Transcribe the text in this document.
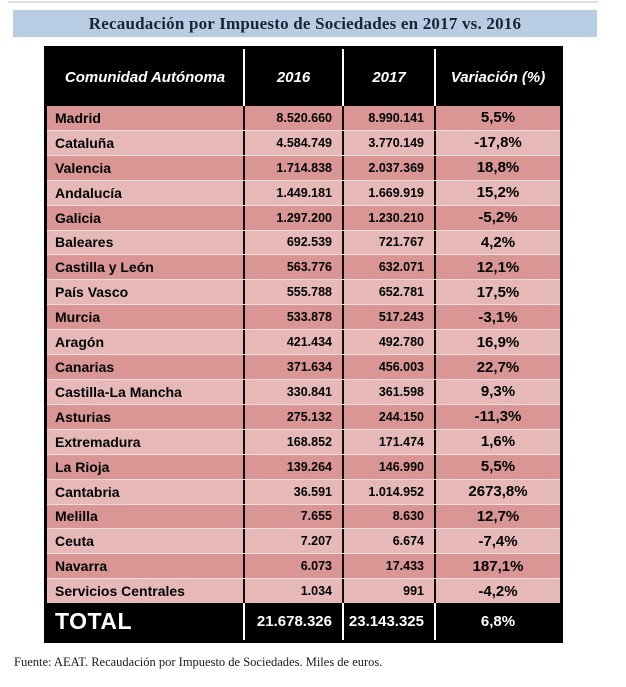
Recaudación por Impuesto de Sociedades en 2017 vs. 2016
Comunidad Autónoma	2016	2017	Variación (%)
Madrid	8.520.660	8.990.141	5,5%
Cataluña	4.584.749	3.770.149	-17,8%
Valencia	1.714.838	2.037.369	18,8%
Andalucía	1.449.181	1.669.919	15,2%
Galicia	1.297.200	1.230.210	-5,2%
Baleares	692.539	721.767	4,2%
Castilla y León	563.776	632.071	12,1%
País Vasco	555.788	652.781	17,5%
Murcia	533.878	517.243	-3,1%
Aragón	421.434	492.780	16,9%
Canarias	371.634	456.003	22,7%
Castilla-La Mancha	330.841	361.598	9,3%
Asturias	275.132	244.150	-11,3%
Extremadura	168.852	171.474	1,6%
La Rioja	139.264	146.990	5,5%
Cantabria	36.591	1.014.952	2673,8%
Melilla	7.655	8.630	12,7%
Ceuta	7.207	6.674	-7,4%
Navarra	6.073	17.433	187,1%
Servicios Centrales	1.034	991	-4,2%
TOTAL	21.678.326	23.143.325	6,8%
Fuente: AEAT. Recaudación por Impuesto de Sociedades. Miles de euros.
